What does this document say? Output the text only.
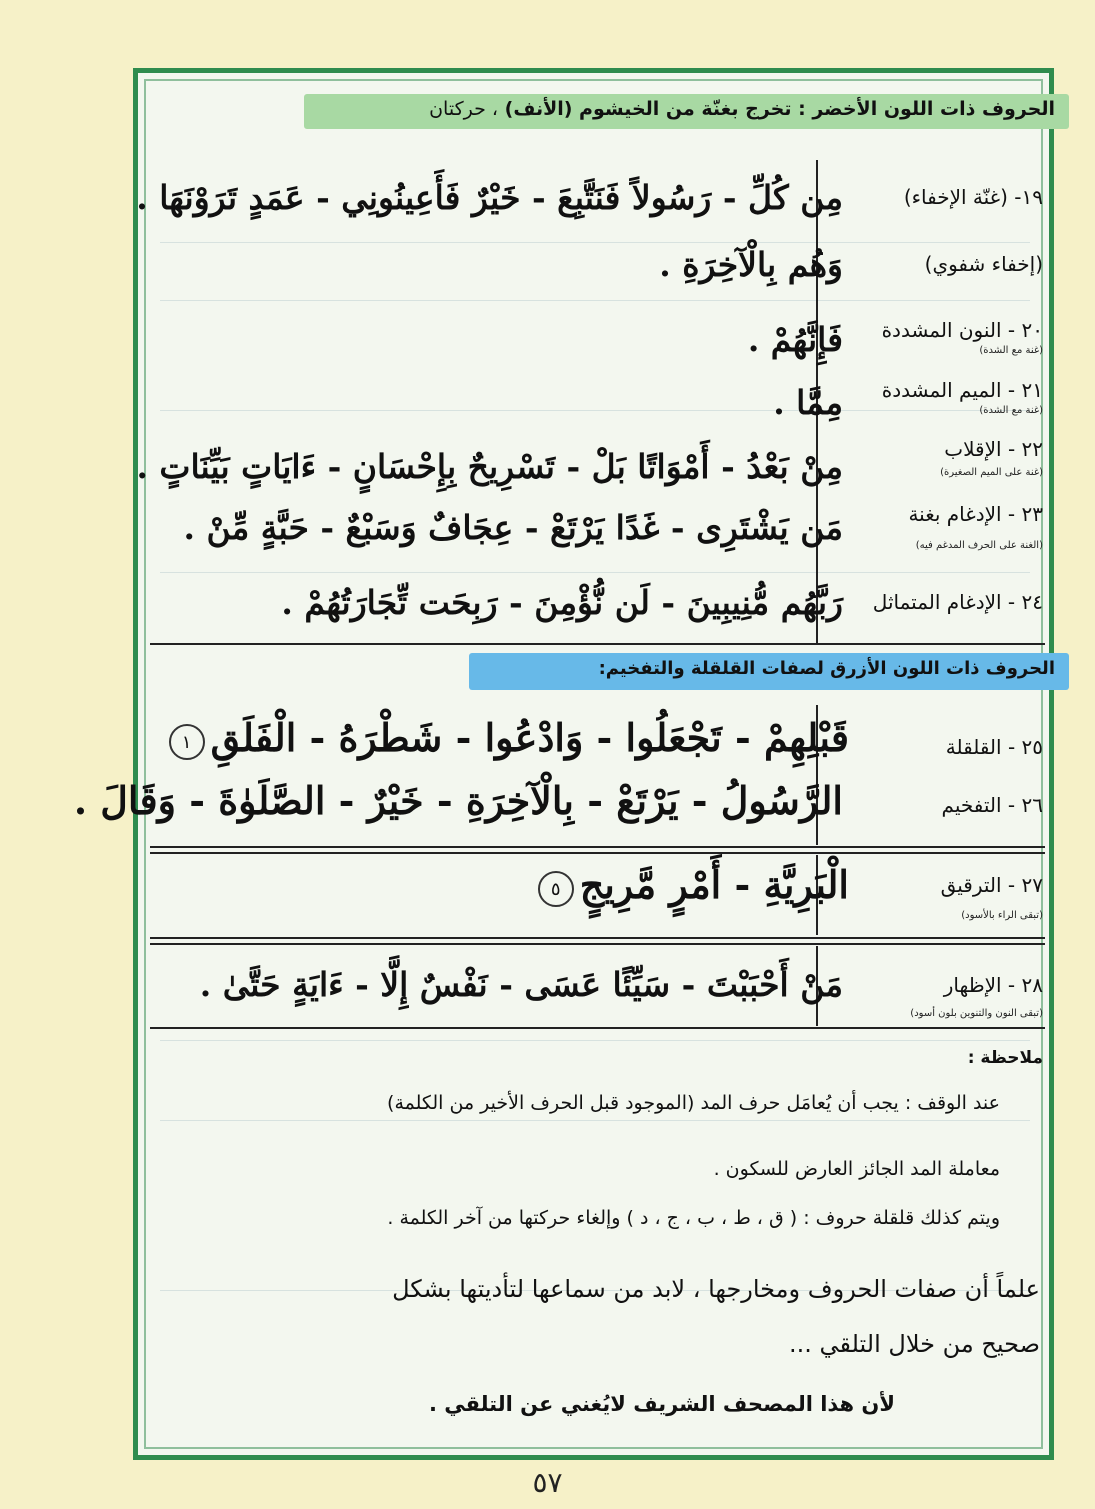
الحروف ذات اللون الأخضر : تخرج بغنّة من الخيشوم (الأنف) ، حركتان
١٩- (غنّة الإخفاء)
مِن كُلِّ - رَسُولاً فَنَتَّبِعَ - خَيْرٌ فَأَعِينُونِي - عَمَدٍ تَرَوْنَهَا .
(إخفاء شفوي)
وَهُم بِالْآخِرَةِ .
٢٠ - النون المشددة
(غنة مع الشدة)
فَإِنَّهُمْ .
٢١ - الميم المشددة
(غنة مع الشدة)
مِمَّا .
٢٢ - الإقلاب
(غنة على الميم الصغيرة)
مِنْ بَعْدُ - أَمْوَاتًا بَلْ - تَسْرِيحٌ بِإِحْسَانٍ - ءَايَاتٍ بَيِّنَاتٍ .
٢٣ - الإدغام بغنة
(الغنة على الحرف المدغم فيه)
مَن يَشْتَرِى - غَدًا يَرْتَعْ - عِجَافٌ وَسَبْعٌ - حَبَّةٍ مِّنْ .
٢٤ - الإدغام المتماثل
رَبَّهُم مُّنِيبِينَ - لَن نُّؤْمِنَ - رَبِحَت تِّجَارَتُهُمْ .
الحروف ذات اللون الأزرق لصفات القلقلة والتفخيم:
٢٥ - القلقلة
قَبْلِهِمْ - تَجْعَلُوا - وَادْعُوا - شَطْرَهُ - الْفَلَقِ١
٢٦ - التفخيم
الرَّسُولُ - يَرْتَعْ - بِالْآخِرَةِ - خَيْرٌ - الصَّلَوٰةَ - وَقَالَ .
٢٧ - الترقيق
(تبقى الراء بالأسود)
الْبَرِيَّةِ - أَمْرٍ مَّرِيجٍ٥
٢٨ - الإظهار
(تبقى النون والتنوين بلون أسود)
مَنْ أَحْبَبْتَ - سَيِّئًا عَسَى - نَفْسٌ إِلَّا - ءَايَةٍ حَتَّىٰ .
ملاحظة :
عند الوقف : يجب أن يُعامَل حرف المد (الموجود قبل الحرف الأخير من الكلمة)
معاملة المد الجائز العارض للسكون .
ويتم كذلك قلقلة حروف : ( ق ، ط ، ب ، ج ، د ) وإلغاء حركتها من آخر الكلمة .
علماً أن صفات الحروف ومخارجها ، لابد من سماعها لتأديتها بشكل
صحيح من خلال التلقي ...
لأن هذا المصحف الشريف لايُغني عن التلقي .
٥٧
